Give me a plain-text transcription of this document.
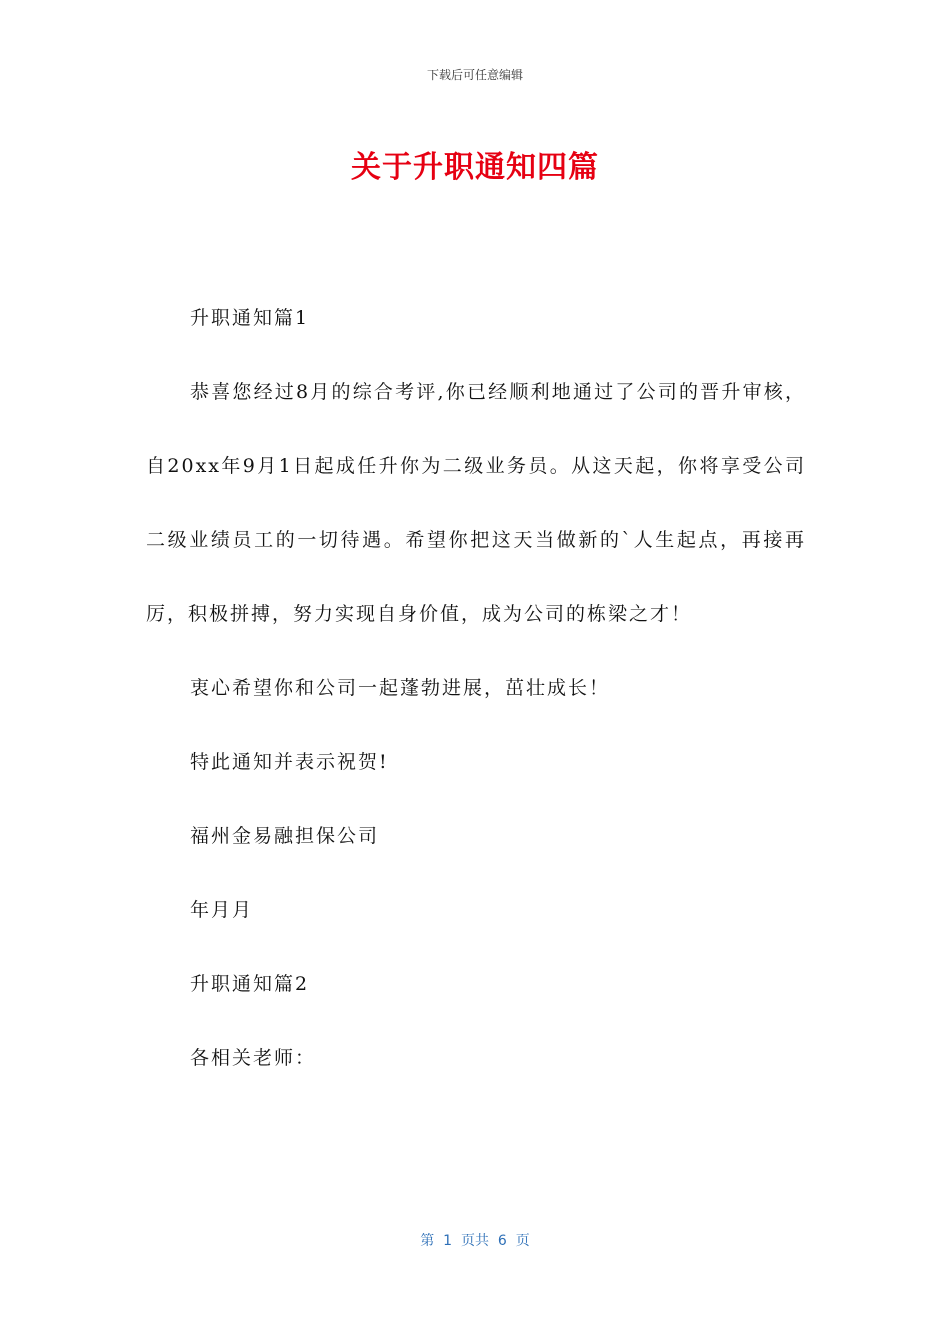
下载后可任意编辑
关于升职通知四篇

升职通知篇1

恭喜您经过8月的综合考评,你已经顺利地通过了公司的晋升审核，自20xx年9月1日起成任升你为二级业务员。从这天起，你将享受公司二级业绩员工的一切待遇。希望你把这天当做新的`人生起点，再接再厉，积极拼搏，努力实现自身价值，成为公司的栋梁之才！

衷心希望你和公司一起蓬勃进展，茁壮成长！

特此通知并表示祝贺!

福州金易融担保公司

年月月

升职通知篇2

各相关老师：

第  1  页共  6  页
